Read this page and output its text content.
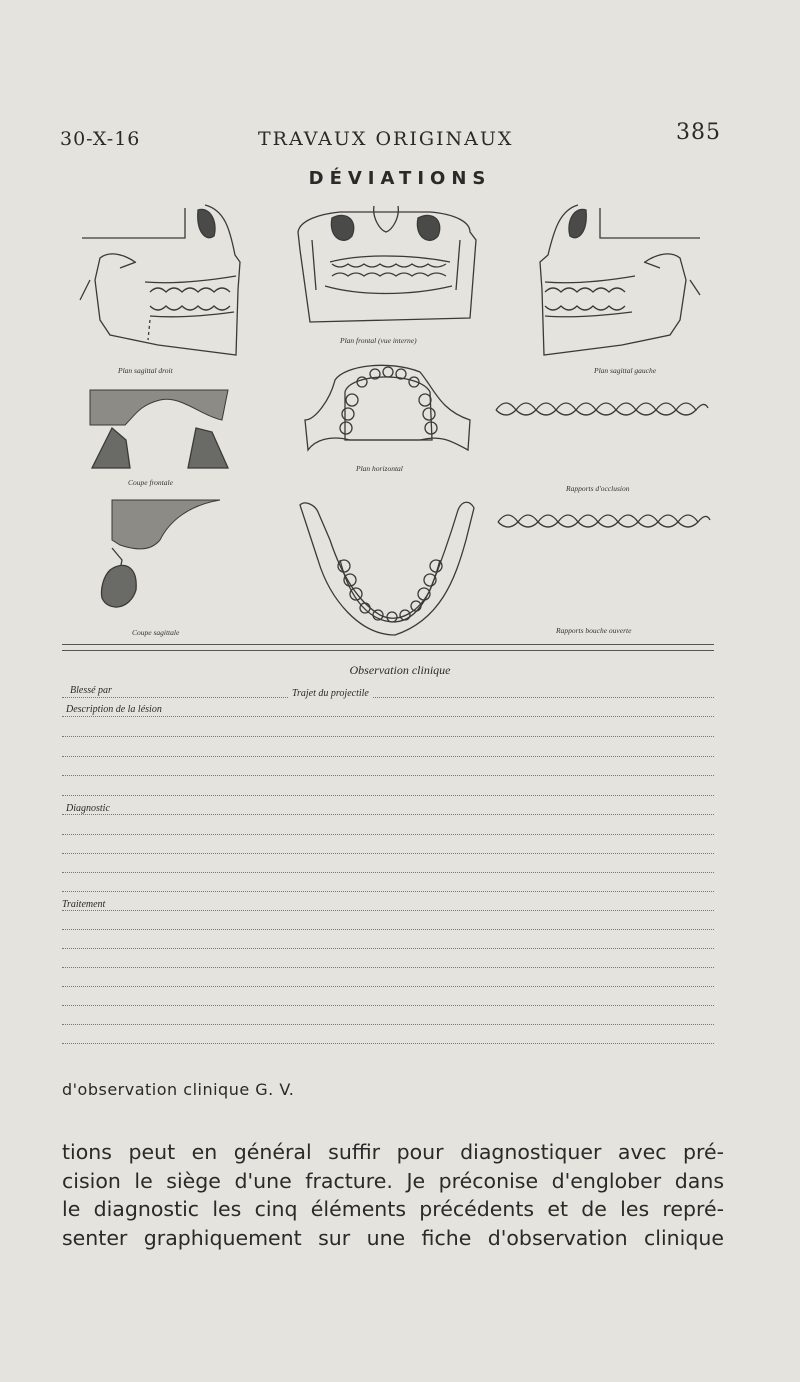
30-X-16	TRAVAUX ORIGINAUX	385
DÉVIATIONS
Plan sagittal droit
Plan frontal (vue interne)
Plan sagittal gauche
Coupe frontale
Plan horizontal
Rapports d'occlusion
Coupe sagittale	Rapports bouche ouverte
Observation clinique
Blessé par	Trajet du projectile
Description de la lésion
Diagnostic
Traitement
d'observation clinique G. V.
tions peut en général suffir pour diagnostiquer avec pré-
cision le siège d'une fracture. Je préconise d'englober dans
le diagnostic les cinq éléments précédents et de les repré-
senter graphiquement sur une fiche d'observation clinique
